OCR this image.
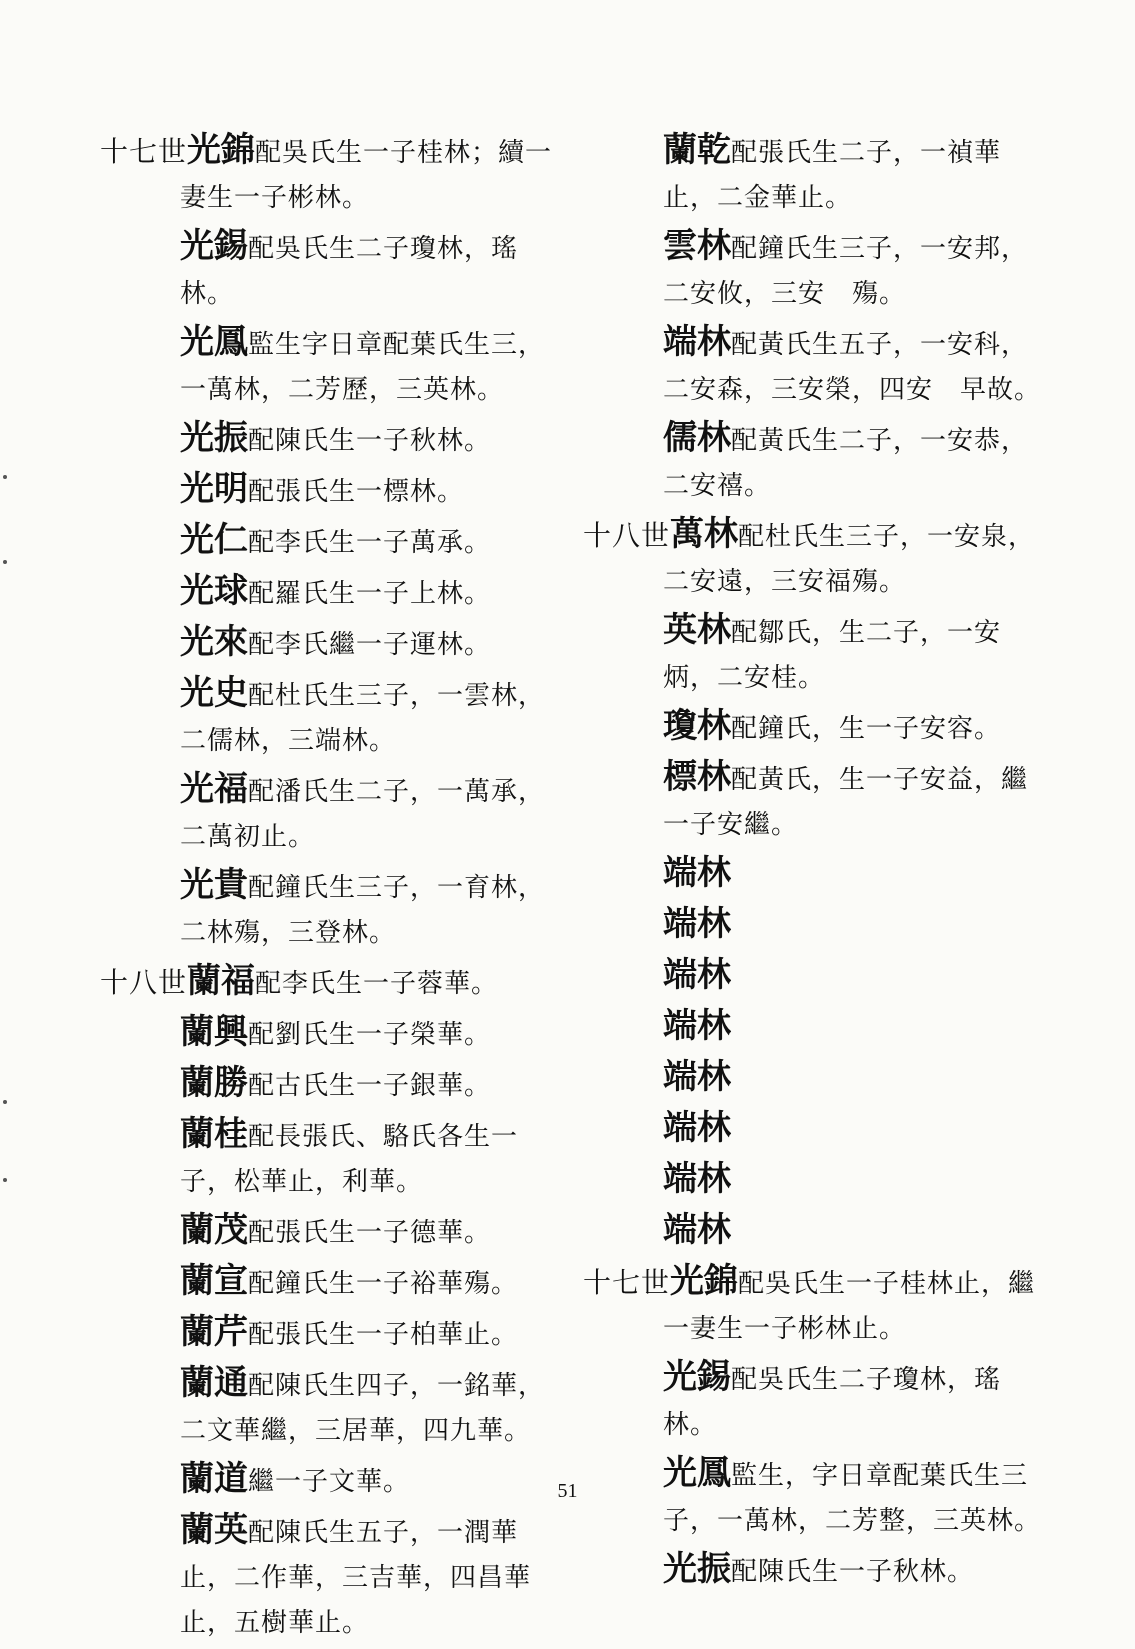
十七世光錦配吳氏生一子桂林；續一妻生一子彬林。
光錫配吳氏生二子瓊林，瑤林。
光鳳監生字日章配葉氏生三，一萬林，二芳歷，三英林。
光振配陳氏生一子秋林。
光明配張氏生一標林。
光仁配李氏生一子萬承。
光球配羅氏生一子上林。
光來配李氏繼一子運林。
光史配杜氏生三子，一雲林，二儒林，三端林。
光福配潘氏生二子，一萬承，二萬初止。
光貴配鐘氏生三子，一育林，二林殤，三登林。
十八世蘭福配李氏生一子蓉華。
蘭興配劉氏生一子榮華。
蘭勝配古氏生一子銀華。
蘭桂配長張氏、駱氏各生一子，松華止，利華。
蘭茂配張氏生一子德華。
蘭宣配鐘氏生一子裕華殤。
蘭芹配張氏生一子柏華止。
蘭通配陳氏生四子，一銘華，二文華繼，三居華，四九華。
蘭道繼一子文華。
蘭英配陳氏生五子，一潤華止，二作華，三吉華，四昌華止，五樹華止。
蘭乾配張氏生二子，一禎華止，二金華止。
雲林配鐘氏生三子，一安邦，二安攸，三安　殤。
端林配黃氏生五子，一安科，二安森，三安榮，四安　早故。
儒林配黃氏生二子，一安恭，二安禧。
十八世萬林配杜氏生三子，一安泉，二安遠，三安福殤。
英林配鄒氏，生二子，一安炳，二安桂。
瓊林配鐘氏，生一子安容。
標林配黃氏，生一子安益，繼一子安繼。
端林
端林
端林
端林
端林
端林
端林
端林
十七世光錦配吳氏生一子桂林止，繼一妻生一子彬林止。
光錫配吳氏生二子瓊林，瑤林。
光鳳監生，字日章配葉氏生三子，一萬林，二芳整，三英林。
光振配陳氏生一子秋林。
51
